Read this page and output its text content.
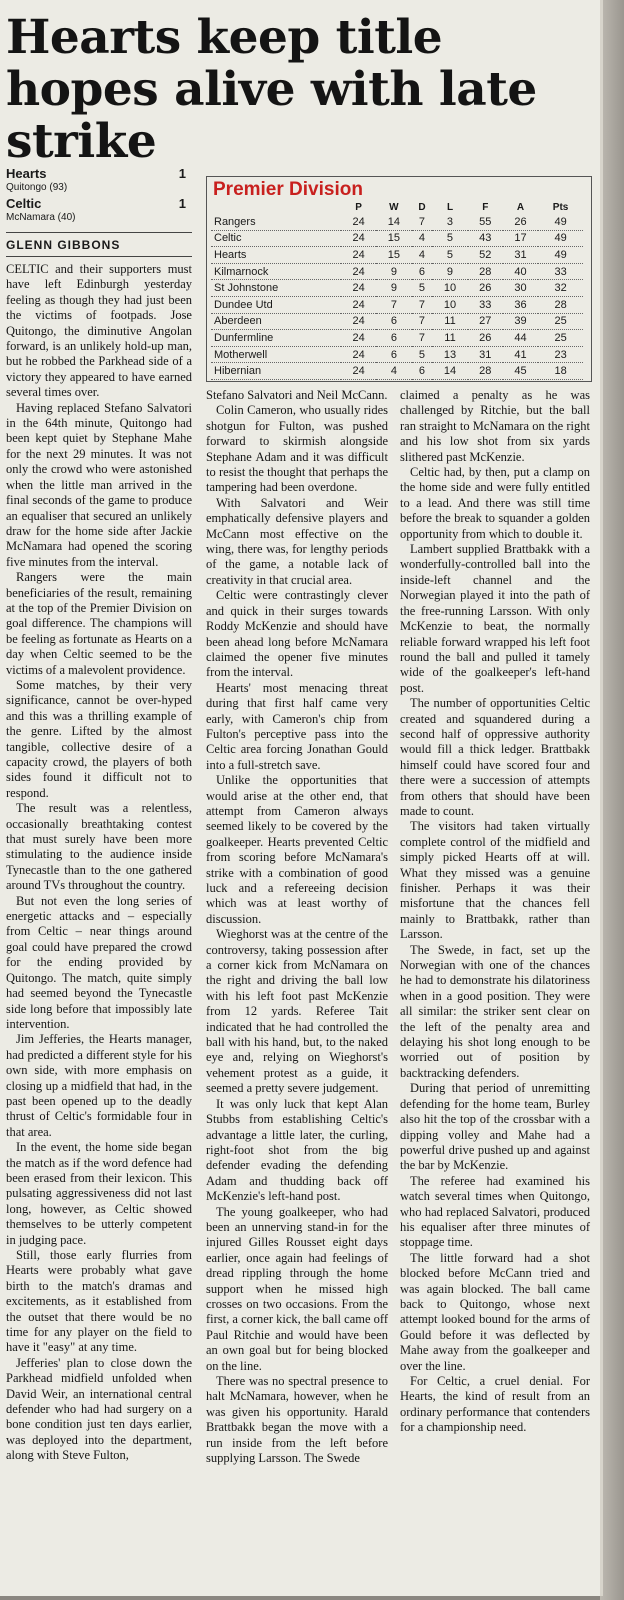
Hearts keep title hopes alive with late strike
Hearts	1
Quitongo (93)
Celtic	1
McNamara (40)
GLENN GIBBONS
Premier Division
	P	W	D	L	F	A	Pts
Rangers	24	14	7	3	55	26	49
Celtic	24	15	4	5	43	17	49
Hearts	24	15	4	5	52	31	49
Kilmarnock	24	9	6	9	28	40	33
St Johnstone	24	9	5	10	26	30	32
Dundee Utd	24	7	7	10	33	36	28
Aberdeen	24	6	7	11	27	39	25
Dunfermline	24	6	7	11	26	44	25
Motherwell	24	6	5	13	31	41	23
Hibernian	24	4	6	14	28	45	18

CELTIC and their supporters must have left Edinburgh yesterday feeling as though they had just been the victims of footpads. Jose Quitongo, the diminutive Angolan forward, is an unlikely hold-up man, but he robbed the Parkhead side of a victory they appeared to have earned several times over.

Having replaced Stefano Salvatori in the 64th minute, Quitongo had been kept quiet by Stephane Mahe for the next 29 minutes. It was not only the crowd who were astonished when the little man arrived in the final seconds of the game to produce an equaliser that secured an unlikely draw for the home side after Jackie McNamara had opened the scoring five minutes from the interval.

Rangers were the main beneficiaries of the result, remaining at the top of the Premier Division on goal difference. The champions will be feeling as fortunate as Hearts on a day when Celtic seemed to be the victims of a malevolent providence.

Some matches, by their very significance, cannot be over-hyped and this was a thrilling example of the genre. Lifted by the almost tangible, collective desire of a capacity crowd, the players of both sides found it difficult not to respond.

The result was a relentless, occasionally breathtaking contest that must surely have been more stimulating to the audience inside Tynecastle than to the one gathered around TVs throughout the country.

But not even the long series of energetic attacks and – especially from Celtic – near things around goal could have prepared the crowd for the ending provided by Quitongo. The match, quite simply had seemed beyond the Tynecastle side long before that impossibly late intervention.

Jim Jefferies, the Hearts manager, had predicted a different style for his own side, with more emphasis on closing up a midfield that had, in the past been opened up to the deadly thrust of Celtic's formidable four in that area.

In the event, the home side began the match as if the word defence had been erased from their lexicon. This pulsating aggressiveness did not last long, however, as Celtic showed themselves to be utterly competent in judging pace.

Still, those early flurries from Hearts were probably what gave birth to the match's dramas and excitements, as it established from the outset that there would be no time for any player on the field to have it "easy" at any time.

Jefferies' plan to close down the Parkhead midfield unfolded when David Weir, an international central defender who had had surgery on a bone condition just ten days earlier, was deployed into the department, along with Steve Fulton,

Stefano Salvatori and Neil McCann.

Colin Cameron, who usually rides shotgun for Fulton, was pushed forward to skirmish alongside Stephane Adam and it was difficult to resist the thought that perhaps the tampering had been overdone.

With Salvatori and Weir emphatically defensive players and McCann most effective on the wing, there was, for lengthy periods of the game, a notable lack of creativity in that crucial area.

Celtic were contrastingly clever and quick in their surges towards Roddy McKenzie and should have been ahead long before McNamara claimed the opener five minutes from the interval.

Hearts' most menacing threat during that first half came very early, with Cameron's chip from Fulton's perceptive pass into the Celtic area forcing Jonathan Gould into a full-stretch save.

Unlike the opportunities that would arise at the other end, that attempt from Cameron always seemed likely to be covered by the goalkeeper. Hearts prevented Celtic from scoring before McNamara's strike with a combination of good luck and a refereeing decision which was at least worthy of discussion.

Wieghorst was at the centre of the controversy, taking possession after a corner kick from McNamara on the right and driving the ball low with his left foot past McKenzie from 12 yards. Referee Tait indicated that he had controlled the ball with his hand, but, to the naked eye and, relying on Wieghorst's vehement protest as a guide, it seemed a pretty severe judgement.

It was only luck that kept Alan Stubbs from establishing Celtic's advantage a little later, the curling, right-foot shot from the big defender evading the defending Adam and thudding back off McKenzie's left-hand post.

The young goalkeeper, who had been an unnerving stand-in for the injured Gilles Rousset eight days earlier, once again had feelings of dread rippling through the home support when he missed high crosses on two occasions. From the first, a corner kick, the ball came off Paul Ritchie and would have been an own goal but for being blocked on the line.

There was no spectral presence to halt McNamara, however, when he was given his opportunity. Harald Brattbakk began the move with a run inside from the left before supplying Larsson. The Swede

claimed a penalty as he was challenged by Ritchie, but the ball ran straight to McNamara on the right and his low shot from six yards slithered past McKenzie.

Celtic had, by then, put a clamp on the home side and were fully entitled to a lead. And there was still time before the break to squander a golden opportunity from which to double it.

Lambert supplied Brattbakk with a wonderfully-controlled ball into the inside-left channel and the Norwegian played it into the path of the free-running Larsson. With only McKenzie to beat, the normally reliable forward wrapped his left foot round the ball and pulled it tamely wide of the goalkeeper's left-hand post.

The number of opportunities Celtic created and squandered during a second half of oppressive authority would fill a thick ledger. Brattbakk himself could have scored four and there were a succession of attempts from others that should have been made to count.

The visitors had taken virtually complete control of the midfield and simply picked Hearts off at will. What they missed was a genuine finisher. Perhaps it was their misfortune that the chances fell mainly to Brattbakk, rather than Larsson.

The Swede, in fact, set up the Norwegian with one of the chances he had to demonstrate his dilatoriness when in a good position. They were all similar: the striker sent clear on the left of the penalty area and delaying his shot long enough to be worried out of position by backtracking defenders.

During that period of unremitting defending for the home team, Burley also hit the top of the crossbar with a dipping volley and Mahe had a powerful drive pushed up and against the bar by McKenzie.

The referee had examined his watch several times when Quitongo, who had replaced Salvatori, produced his equaliser after three minutes of stoppage time.

The little forward had a shot blocked before McCann tried and was again blocked. The ball came back to Quitongo, whose next attempt looked bound for the arms of Gould before it was deflected by Mahe away from the goalkeeper and over the line.

For Celtic, a cruel denial. For Hearts, the kind of result from an ordinary performance that contenders for a championship need.
